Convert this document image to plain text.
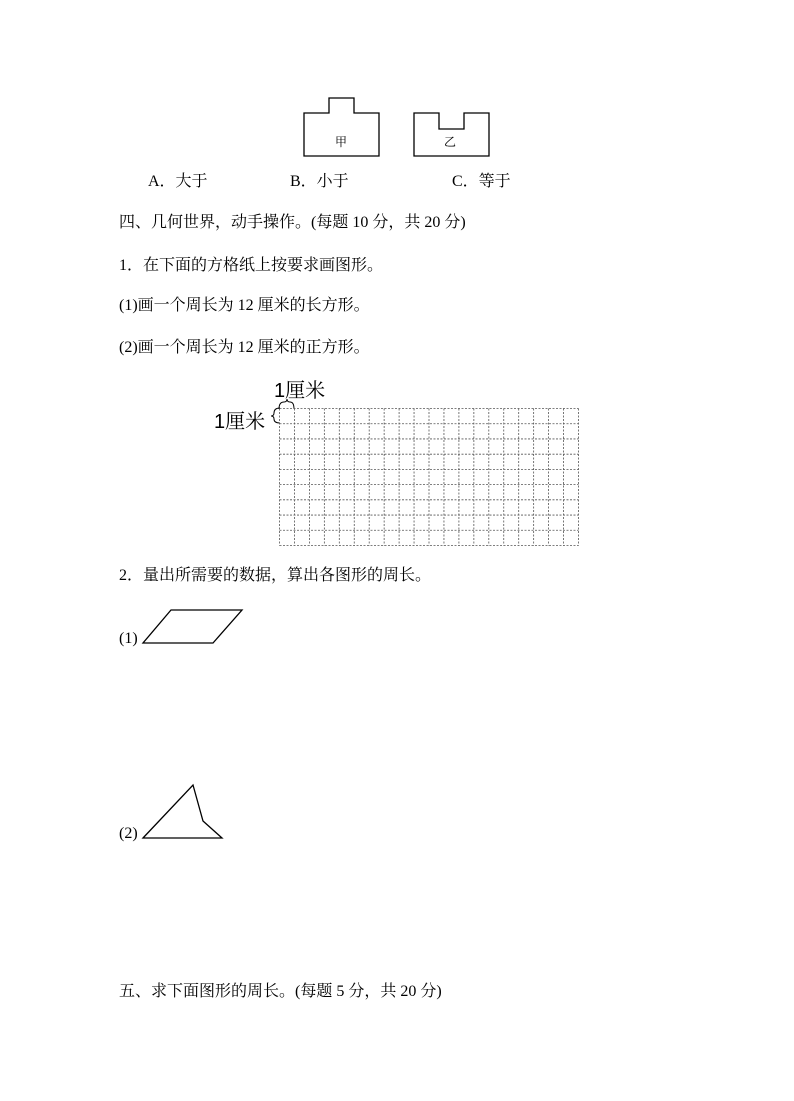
甲	乙
A．大于	B．小于	C．等于
四、几何世界，动手操作。(每题 10 分，共 20 分)
1．在下面的方格纸上按要求画图形。
(1)画一个周长为 12 厘米的长方形。
(2)画一个周长为 12 厘米的正方形。
1厘米
1厘米
2．量出所需要的数据，算出各图形的周长。
(1)
(2)
五、求下面图形的周长。(每题 5 分，共 20 分)
